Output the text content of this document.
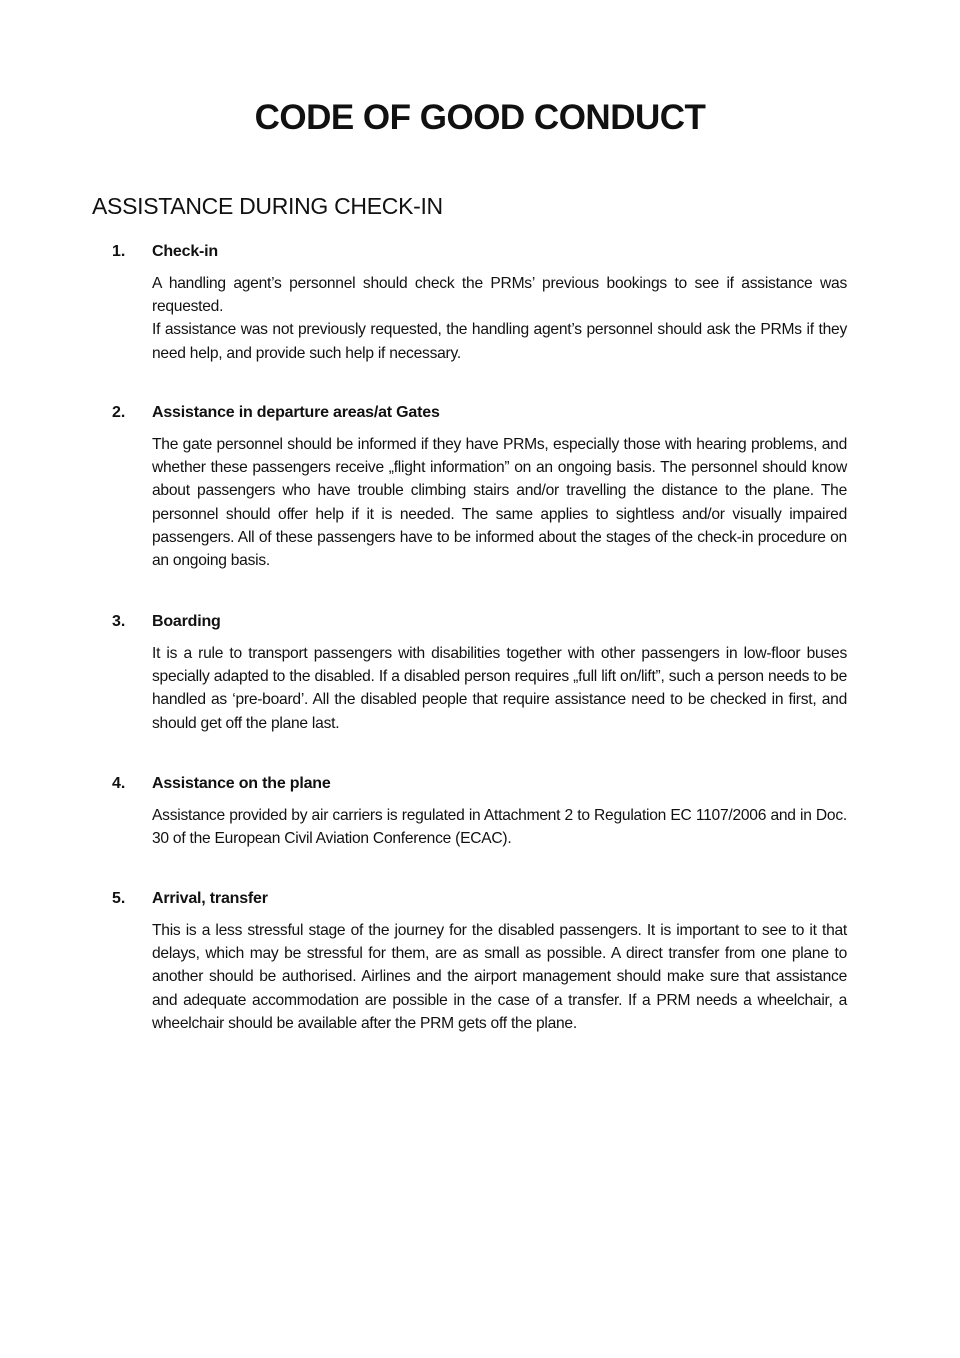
CODE OF GOOD CONDUCT
ASSISTANCE DURING CHECK-IN
1. Check-in

A handling agent’s personnel should check the PRMs’ previous bookings to see if assistance was requested.

If assistance was not previously requested, the handling agent’s personnel should ask the PRMs if they need help, and provide such help if necessary.

2. Assistance in departure areas/at Gates

The gate personnel should be informed if they have PRMs, especially those with hearing problems, and whether these passengers receive „flight information” on an ongoing basis. The personnel should know about passengers who have trouble climbing stairs and/or travelling the distance to the plane. The personnel should offer help if it is needed. The same applies to sightless and/or visually impaired passengers. All of these passengers have to be informed about the stages of the check-in procedure on an ongoing basis.

3. Boarding

It is a rule to transport passengers with disabilities together with other passengers in low-floor buses specially adapted to the disabled. If a disabled person requires „full lift on/lift”, such a person needs to be handled as ‘pre-board’. All the disabled people that require assistance need to be checked in first, and should get off the plane last.

4. Assistance on the plane

Assistance provided by air carriers is regulated in Attachment 2 to Regulation EC 1107/2006 and in Doc. 30 of the European Civil Aviation Conference (ECAC).

5. Arrival, transfer

This is a less stressful stage of the journey for the disabled passengers. It is important to see to it that delays, which may be stressful for them, are as small as possible. A direct transfer from one plane to another should be authorised. Airlines and the airport management should make sure that assistance and adequate accommodation are possible in the case of a transfer. If a PRM needs a wheelchair, a wheelchair should be available after the PRM gets off the plane.
